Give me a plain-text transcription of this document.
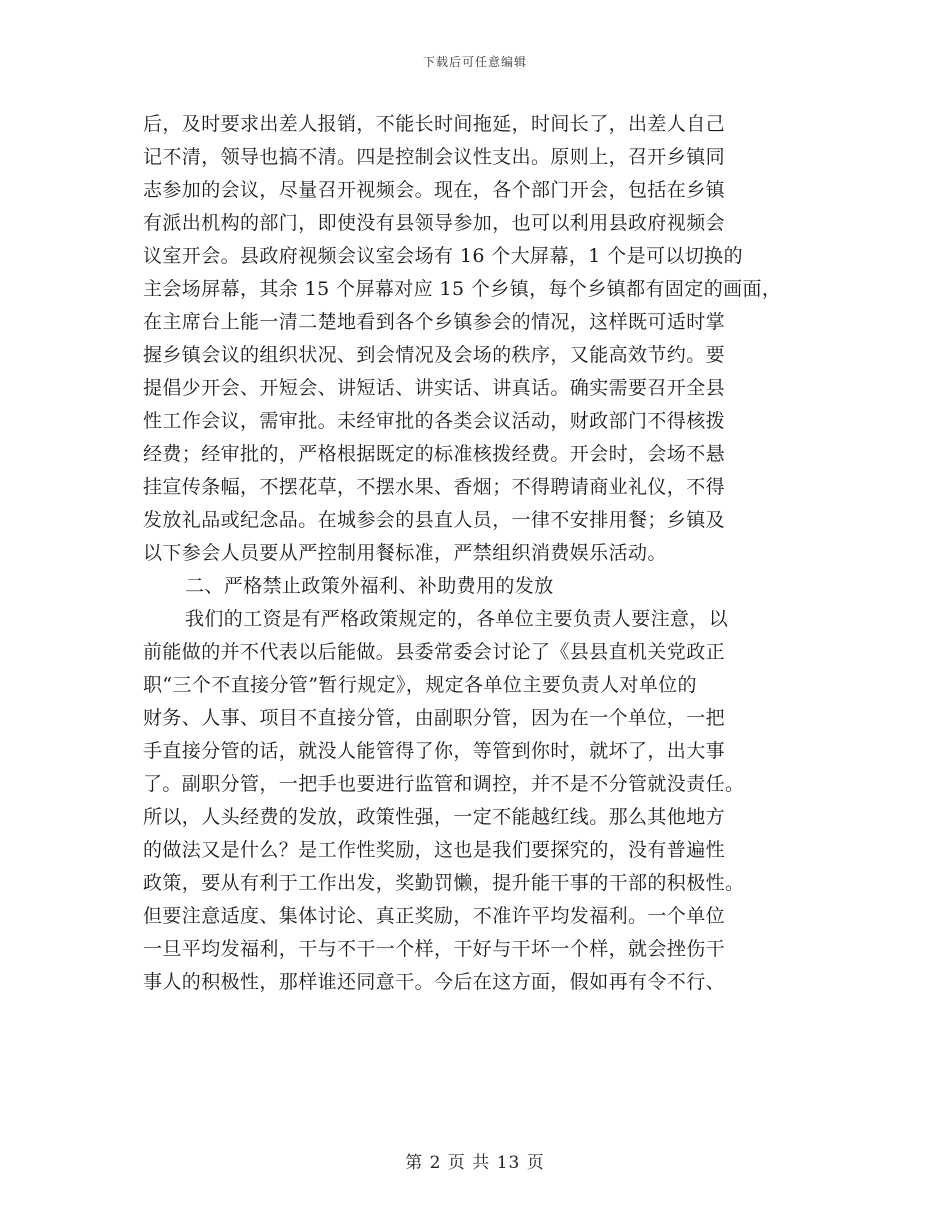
下载后可任意编辑
后，及时要求出差人报销，不能长时间拖延，时间长了，出差人自己
记不清，领导也搞不清。四是控制会议性支出。原则上，召开乡镇同
志参加的会议，尽量召开视频会。现在，各个部门开会，包括在乡镇
有派出机构的部门，即使没有县领导参加，也可以利用县政府视频会
议室开会。县政府视频会议室会场有 16 个大屏幕，1 个是可以切换的
主会场屏幕，其余 15 个屏幕对应 15 个乡镇，每个乡镇都有固定的画面，
在主席台上能一清二楚地看到各个乡镇参会的情况，这样既可适时掌
握乡镇会议的组织状况、到会情况及会场的秩序，又能高效节约。要
提倡少开会、开短会、讲短话、讲实话、讲真话。确实需要召开全县
性工作会议，需审批。未经审批的各类会议活动，财政部门不得核拨
经费；经审批的，严格根据既定的标准核拨经费。开会时，会场不悬
挂宣传条幅，不摆花草，不摆水果、香烟；不得聘请商业礼仪，不得
发放礼品或纪念品。在城参会的县直人员，一律不安排用餐；乡镇及
以下参会人员要从严控制用餐标准，严禁组织消费娱乐活动。
二、严格禁止政策外福利、补助费用的发放
我们的工资是有严格政策规定的，各单位主要负责人要注意，以
前能做的并不代表以后能做。县委常委会讨论了《县县直机关党政正
职“三个不直接分管”暂行规定》，规定各单位主要负责人对单位的
财务、人事、项目不直接分管，由副职分管，因为在一个单位，一把
手直接分管的话，就没人能管得了你，等管到你时，就坏了，出大事
了。副职分管，一把手也要进行监管和调控，并不是不分管就没责任。
所以，人头经费的发放，政策性强，一定不能越红线。那么其他地方
的做法又是什么？是工作性奖励，这也是我们要探究的，没有普遍性
政策，要从有利于工作出发，奖勤罚懒，提升能干事的干部的积极性。
但要注意适度、集体讨论、真正奖励，不准许平均发福利。一个单位
一旦平均发福利，干与不干一个样，干好与干坏一个样，就会挫伤干
事人的积极性，那样谁还同意干。今后在这方面，假如再有令不行、
第 2 页 共 13 页
